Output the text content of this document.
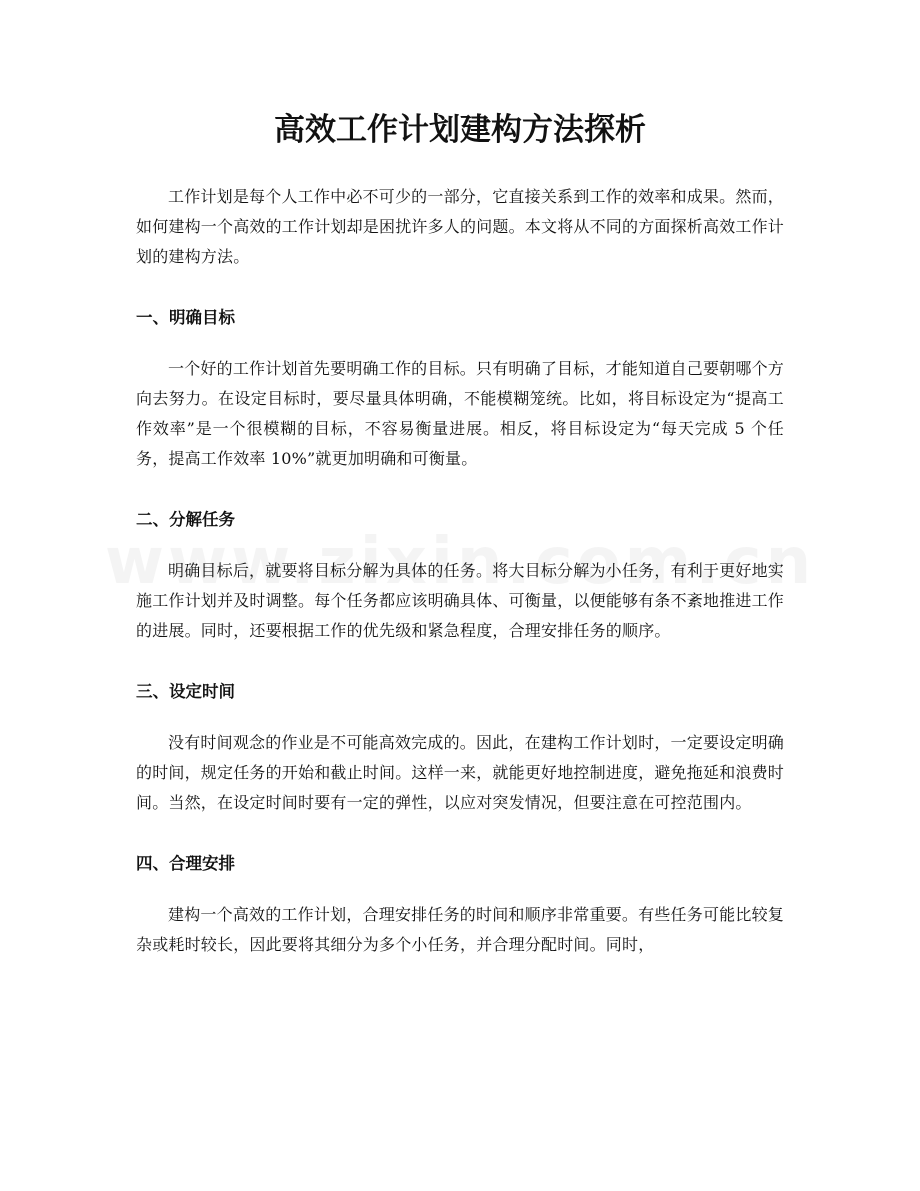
高效工作计划建构方法探析

工作计划是每个人工作中必不可少的一部分，它直接关系到工作的效率和成果。然而，如何建构一个高效的工作计划却是困扰许多人的问题。本文将从不同的方面探析高效工作计划的建构方法。

一、明确目标

一个好的工作计划首先要明确工作的目标。只有明确了目标，才能知道自己要朝哪个方向去努力。在设定目标时，要尽量具体明确，不能模糊笼统。比如，将目标设定为“提高工作效率”是一个很模糊的目标，不容易衡量进展。相反，将目标设定为“每天完成 5 个任务，提高工作效率 10%”就更加明确和可衡量。

二、分解任务

明确目标后，就要将目标分解为具体的任务。将大目标分解为小任务，有利于更好地实施工作计划并及时调整。每个任务都应该明确具体、可衡量，以便能够有条不紊地推进工作的进展。同时，还要根据工作的优先级和紧急程度，合理安排任务的顺序。

三、设定时间

没有时间观念的作业是不可能高效完成的。因此，在建构工作计划时，一定要设定明确的时间，规定任务的开始和截止时间。这样一来，就能更好地控制进度，避免拖延和浪费时间。当然，在设定时间时要有一定的弹性，以应对突发情况，但要注意在可控范围内。

四、合理安排

建构一个高效的工作计划，合理安排任务的时间和顺序非常重要。有些任务可能比较复杂或耗时较长，因此要将其细分为多个小任务，并合理分配时间。同时，
